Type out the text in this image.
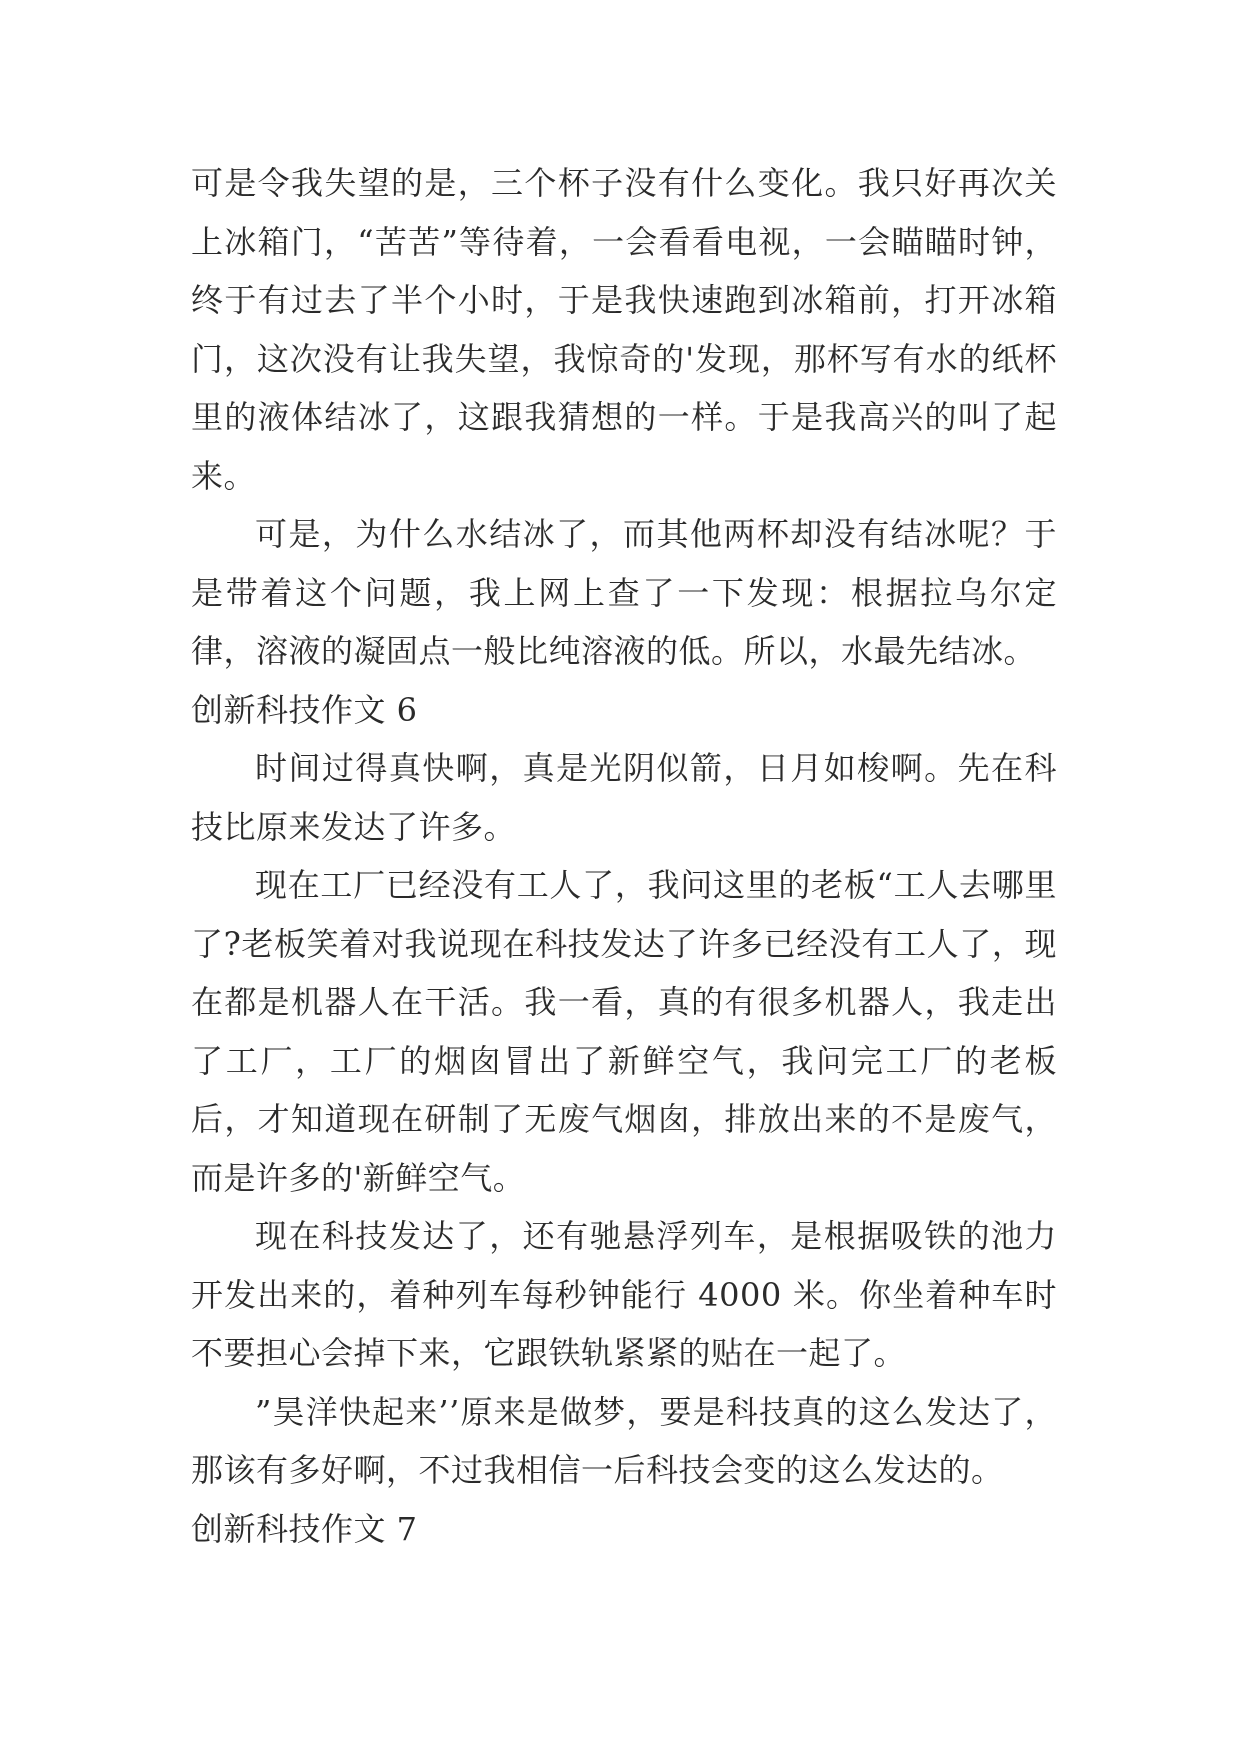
可是令我失望的是，三个杯子没有什么变化。我只好再次关上冰箱门，“苦苦”等待着，一会看看电视，一会瞄瞄时钟，终于有过去了半个小时，于是我快速跑到冰箱前，打开冰箱门，这次没有让我失望，我惊奇的'发现，那杯写有水的纸杯里的液体结冰了，这跟我猜想的一样。于是我高兴的叫了起来。

可是，为什么水结冰了，而其他两杯却没有结冰呢？于是带着这个问题，我上网上查了一下发现：根据拉乌尔定律，溶液的凝固点一般比纯溶液的低。所以，水最先结冰。

创新科技作文 6

时间过得真快啊，真是光阴似箭，日月如梭啊。先在科技比原来发达了许多。

现在工厂已经没有工人了，我问这里的老板“工人去哪里了?老板笑着对我说现在科技发达了许多已经没有工人了，现在都是机器人在干活。我一看，真的有很多机器人，我走出了工厂，工厂的烟囱冒出了新鲜空气，我问完工厂的老板后，才知道现在研制了无废气烟囱，排放出来的不是废气，而是许多的'新鲜空气。

现在科技发达了，还有驰悬浮列车，是根据吸铁的池力开发出来的，着种列车每秒钟能行 4000 米。你坐着种车时不要担心会掉下来，它跟铁轨紧紧的贴在一起了。

”昊洋快起来’’原来是做梦，要是科技真的这么发达了，那该有多好啊，不过我相信一后科技会变的这么发达的。

创新科技作文 7
